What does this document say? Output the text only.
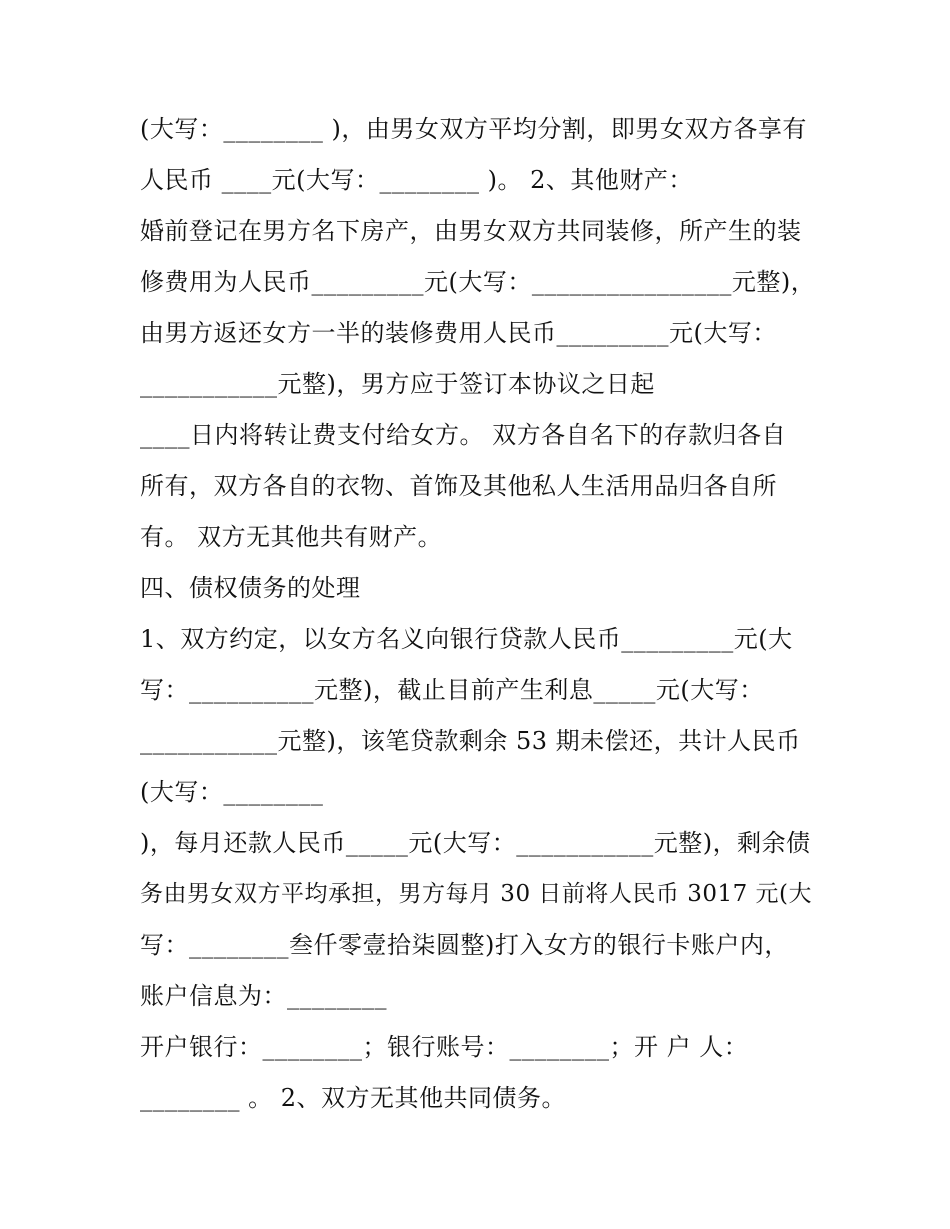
(大写：________ )，由男女双方平均分割，即男女双方各享有
人民币 ____元(大写：________ )。 2、其他财产：
婚前登记在男方名下房产，由男女双方共同装修，所产生的装
修费用为人民币_________元(大写：________________元整)，
由男方返还女方一半的装修费用人民币_________元(大写：
___________元整)，男方应于签订本协议之日起
____日内将转让费支付给女方。 双方各自名下的存款归各自
所有，双方各自的衣物、首饰及其他私人生活用品归各自所
有。 双方无其他共有财产。
四、债权债务的处理
1、双方约定，以女方名义向银行贷款人民币_________元(大
写：__________元整)，截止目前产生利息_____元(大写：
___________元整)，该笔贷款剩余 53 期未偿还，共计人民币
(大写：________
)，每月还款人民币_____元(大写：___________元整)，剩余债
务由男女双方平均承担，男方每月 30 日前将人民币 3017 元(大
写：________叁仟零壹拾柒圆整)打入女方的银行卡账户内，
账户信息为：________
开户银行：________；银行账号：________；开 户 人：
________ 。 2、双方无其他共同债务。
